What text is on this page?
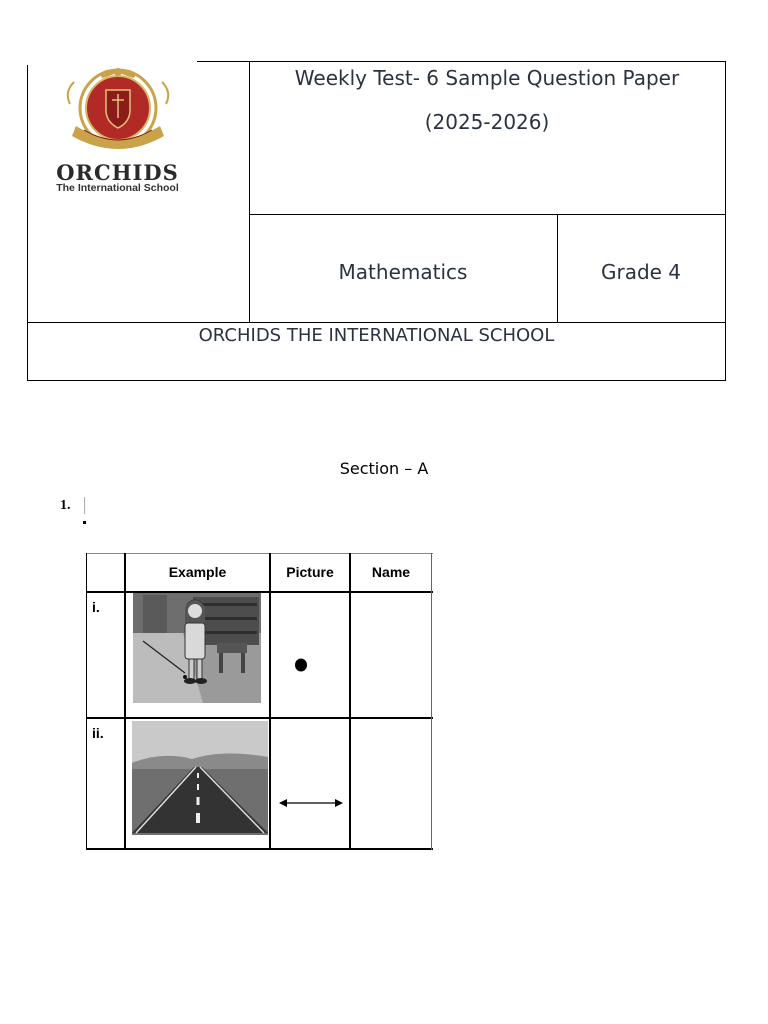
ORCHIDS
The International School
Weekly Test- 6 Sample Question Paper
(2025-2026)
Mathematics	Grade 4
ORCHIDS THE INTERNATIONAL SCHOOL
Section – A
1. │
Example	Picture	Name
i.
ii.
